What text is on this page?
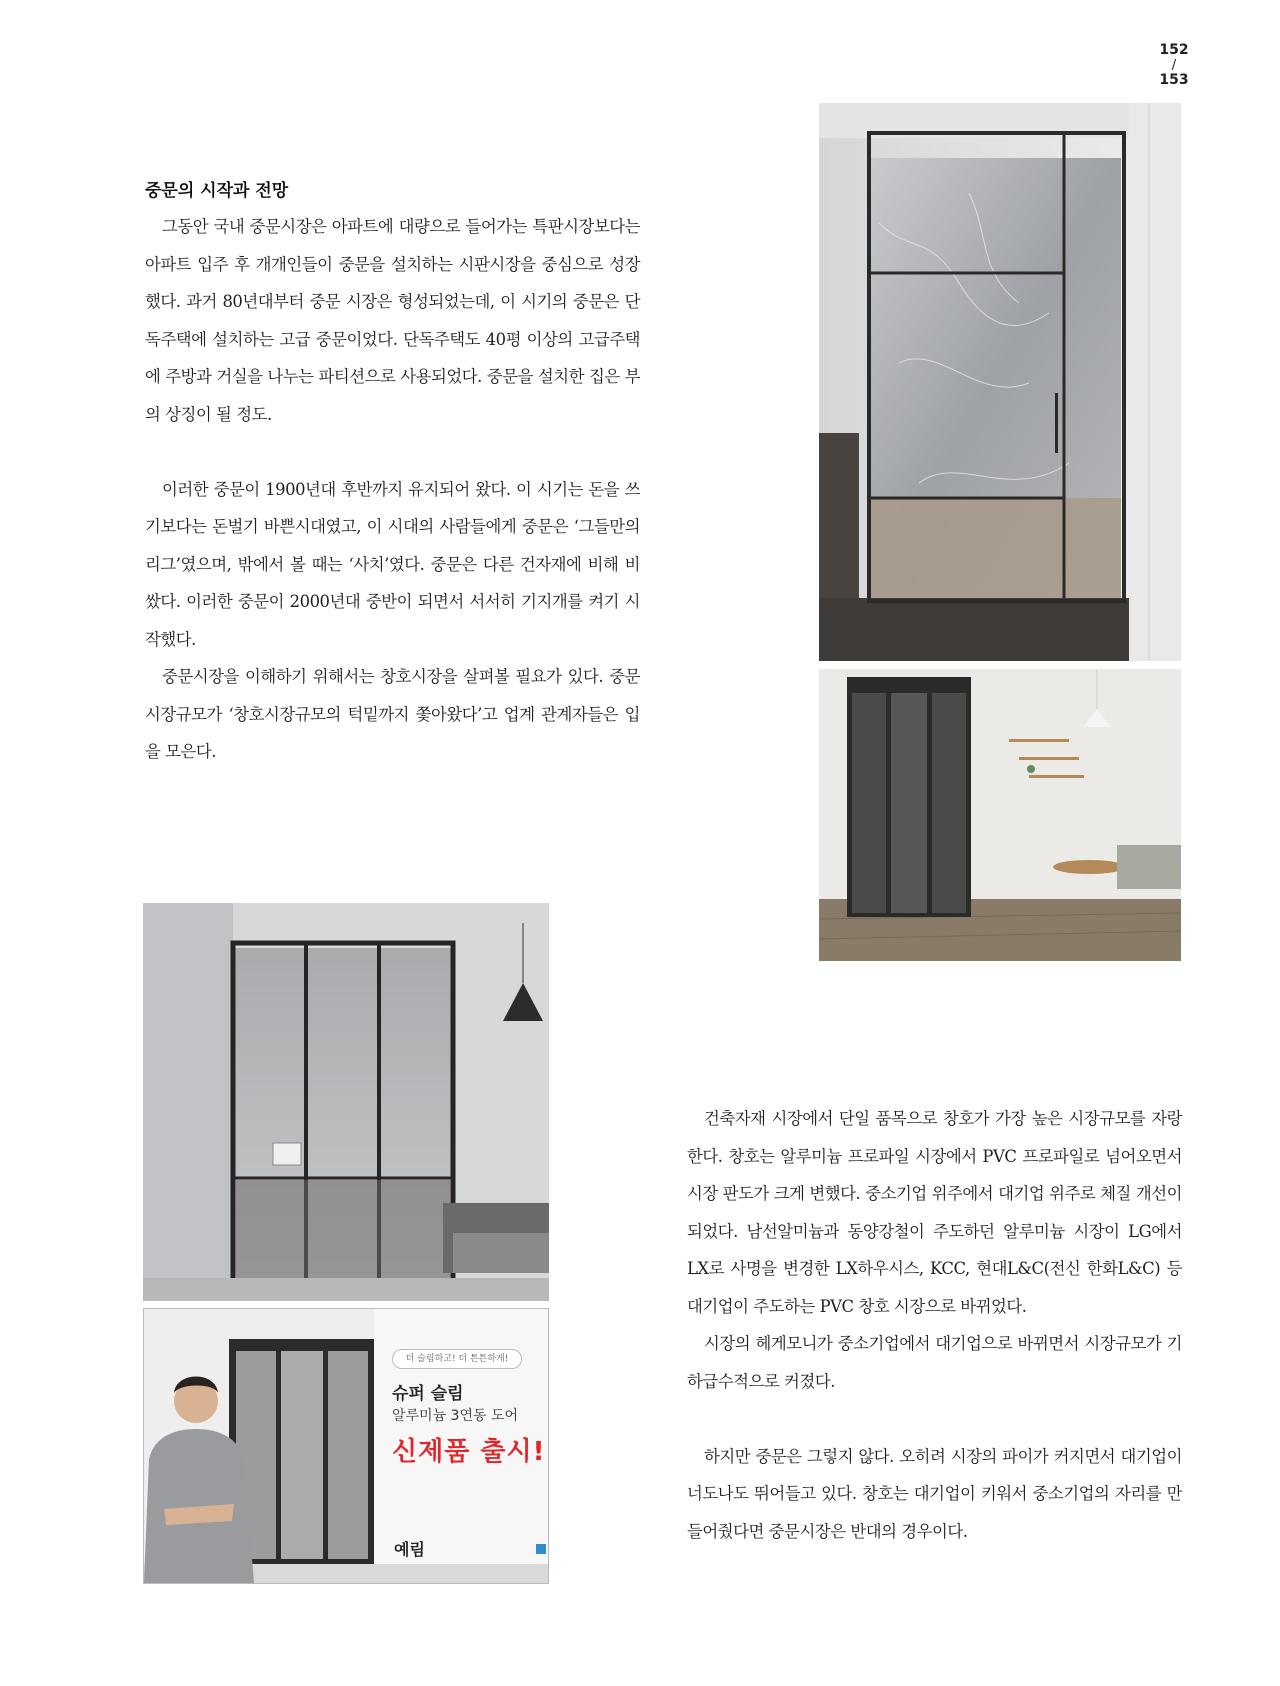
152
/
153
중문의 시작과 전망

그동안 국내 중문시장은 아파트에 대량으로 들어가는 특판시장보다는 아파트 입주 후 개개인들이 중문을 설치하는 시판시장을 중심으로 성장했다. 과거 80년대부터 중문 시장은 형성되었는데, 이 시기의 중문은 단독주택에 설치하는 고급 중문이었다. 단독주택도 40평 이상의 고급주택에 주방과 거실을 나누는 파티션으로 사용되었다. 중문을 설치한 집은 부의 상징이 될 정도.

이러한 중문이 1900년대 후반까지 유지되어 왔다. 이 시기는 돈을 쓰기보다는 돈벌기 바쁜시대였고, 이 시대의 사람들에게 중문은 ‘그들만의 리그’였으며, 밖에서 볼 때는 ‘사치’였다. 중문은 다른 건자재에 비해 비쌌다. 이러한 중문이 2000년대 중반이 되면서 서서히 기지개를 켜기 시작했다.

중문시장을 이해하기 위해서는 창호시장을 살펴볼 필요가 있다. 중문시장규모가 ‘창호시장규모의 턱밑까지 쫓아왔다’고 업계 관계자들은 입을 모은다.

건축자재 시장에서 단일 품목으로 창호가 가장 높은 시장규모를 자랑한다. 창호는 알루미늄 프로파일 시장에서 PVC 프로파일로 넘어오면서 시장 판도가 크게 변했다. 중소기업 위주에서 대기업 위주로 체질 개선이 되었다. 남선알미늄과 동양강철이 주도하던 알루미늄 시장이 LG에서 LX로 사명을 변경한 LX하우시스, KCC, 현대L&C(전신 한화L&C) 등 대기업이 주도하는 PVC 창호 시장으로 바뀌었다.

시장의 헤게모니가 중소기업에서 대기업으로 바뀌면서 시장규모가 기하급수적으로 커졌다.

하지만 중문은 그렇지 않다. 오히려 시장의 파이가 커지면서 대기업이 너도나도 뛰어들고 있다. 창호는 대기업이 키워서 중소기업의 자리를 만들어줬다면 중문시장은 반대의 경우이다.

더 슬림하고! 더 튼튼하게!
슈퍼 슬림
알루미늄 3연동 도어
신제품 출시!
예림
